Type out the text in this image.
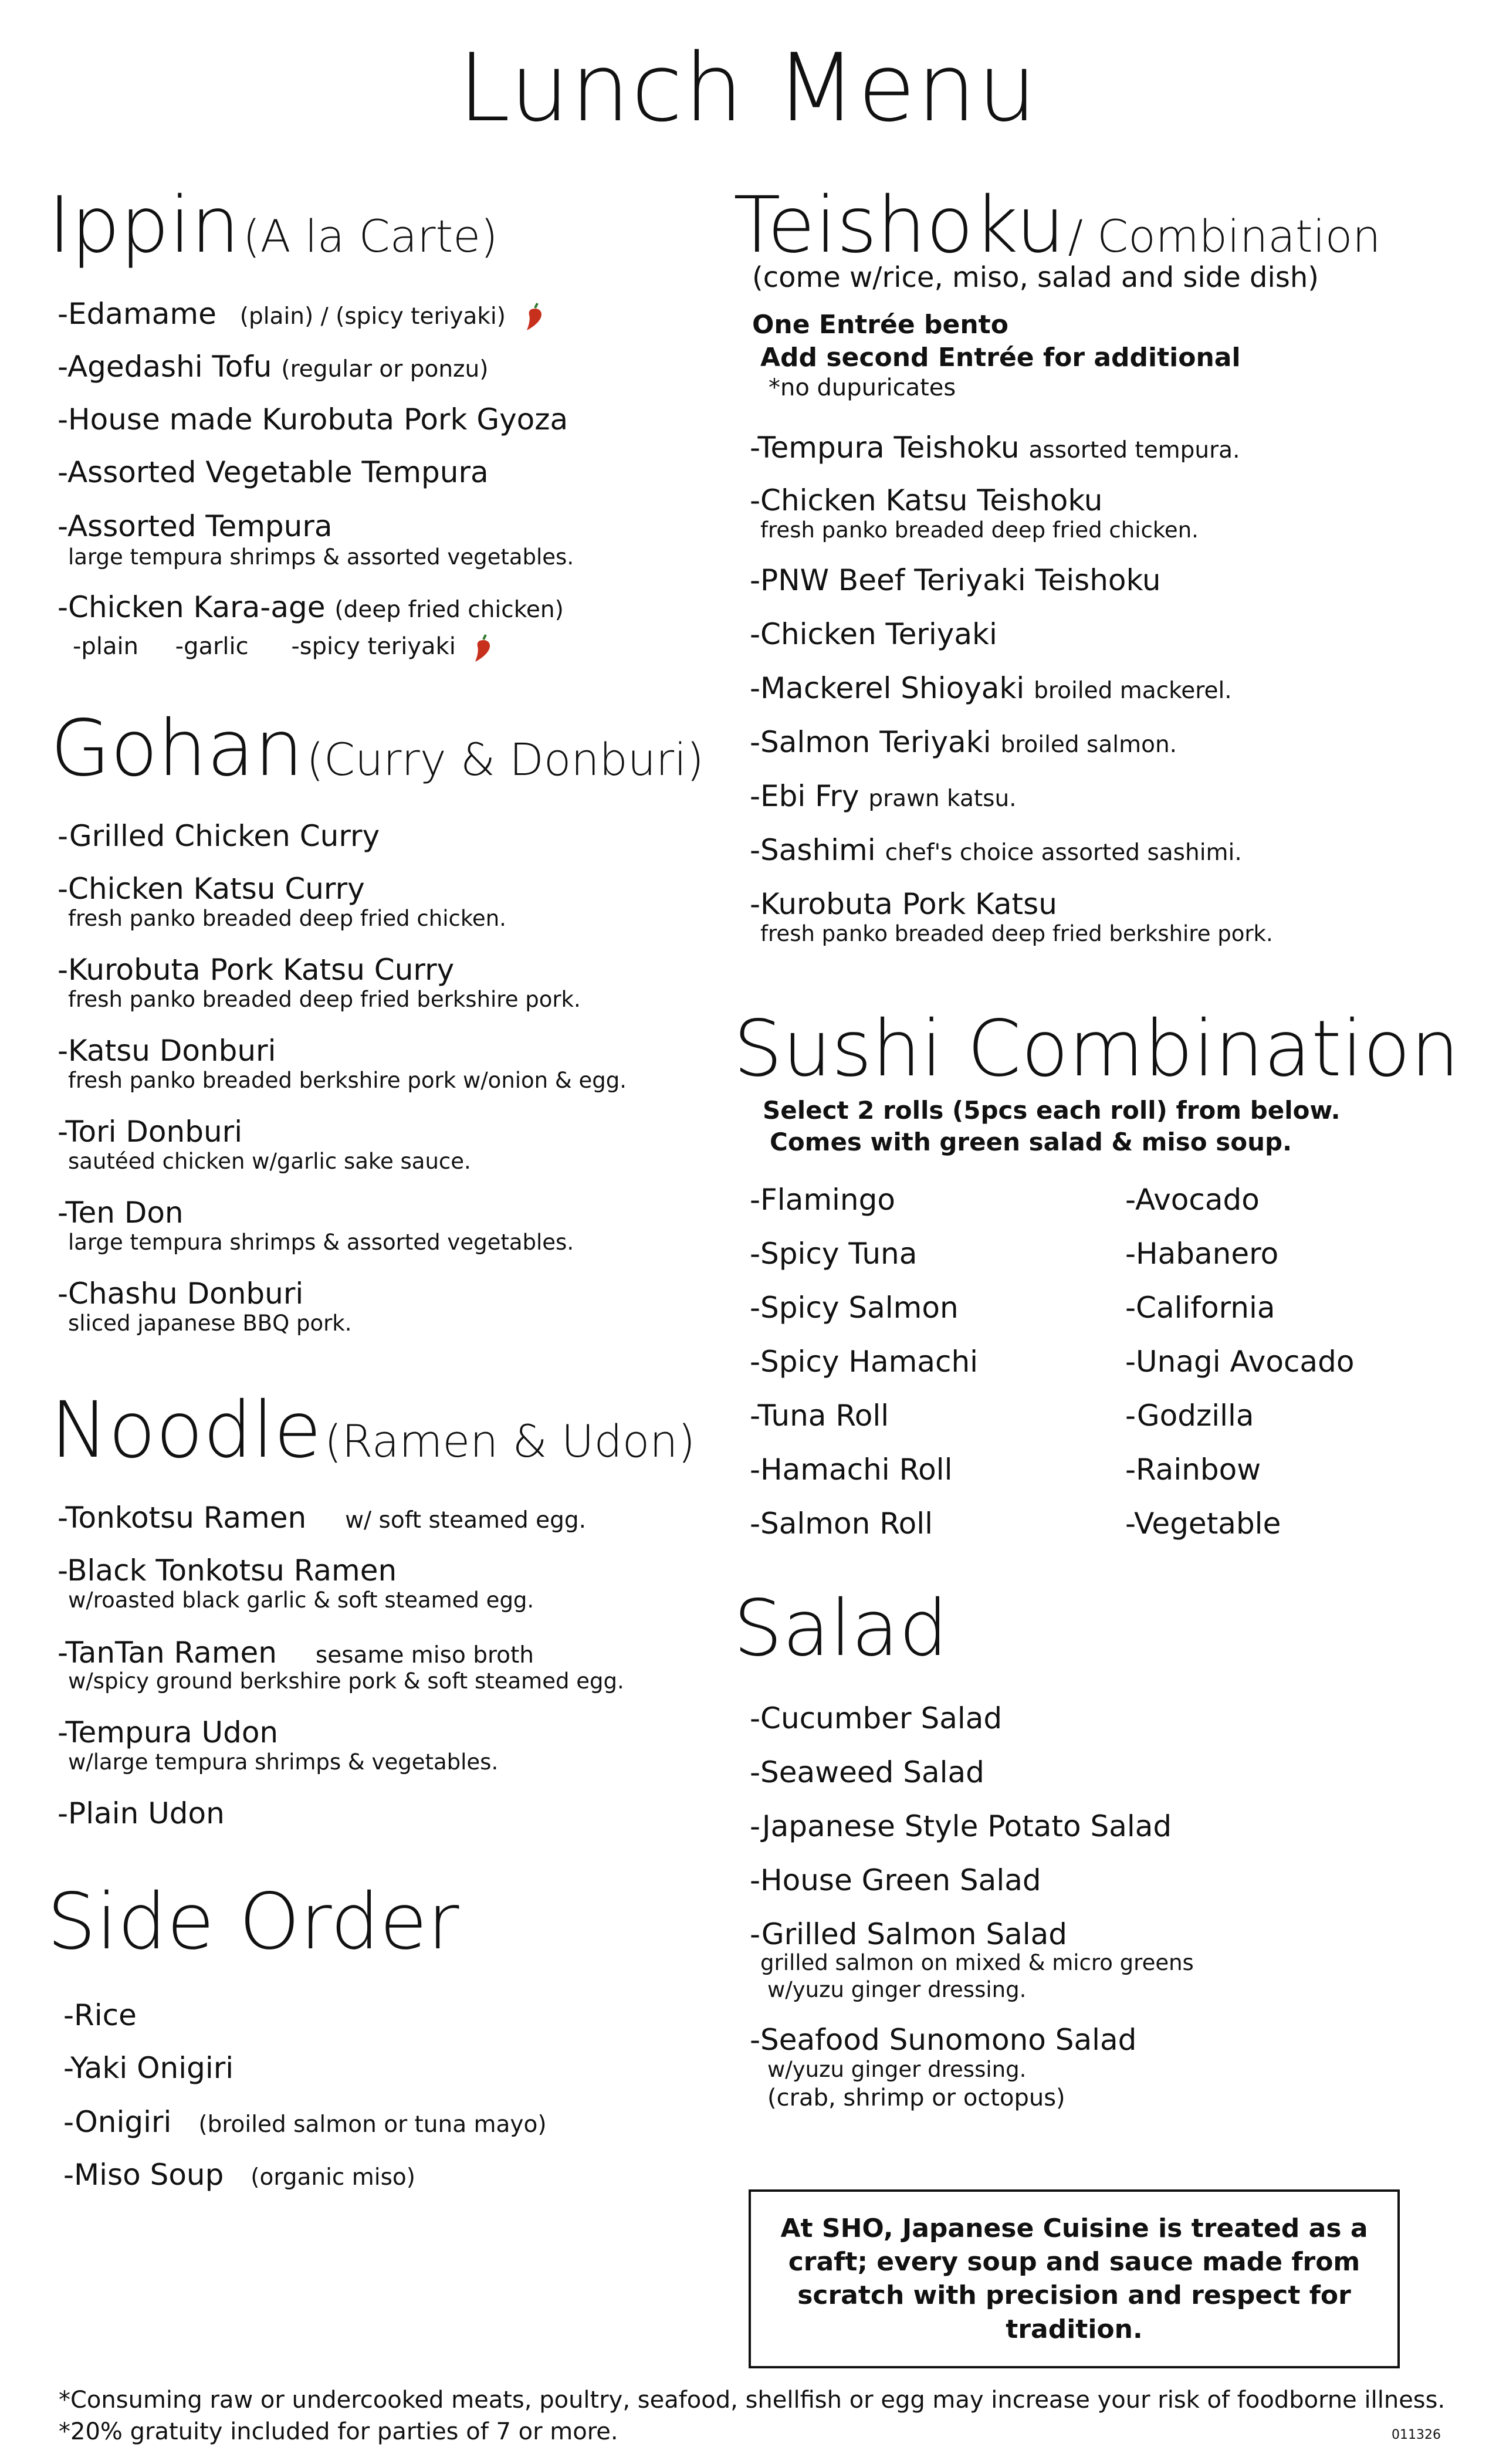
Lunch Menu
Ippin (A la Carte)
-Edamame (plain) / (spicy teriyaki)
-Agedashi Tofu (regular or ponzu)
-House made Kurobuta Pork Gyoza
-Assorted Vegetable Tempura
-Assorted Tempura
large tempura shrimps & assorted vegetables.
-Chicken Kara-age (deep fried chicken)
-plain -garlic -spicy teriyaki
Gohan (Curry & Donburi)
-Grilled Chicken Curry
-Chicken Katsu Curry
fresh panko breaded deep fried chicken.
-Kurobuta Pork Katsu Curry
fresh panko breaded deep fried berkshire pork.
-Katsu Donburi
fresh panko breaded berkshire pork w/onion & egg.
-Tori Donburi
sautéed chicken w/garlic sake sauce.
-Ten Don
large tempura shrimps & assorted vegetables.
-Chashu Donburi
sliced japanese BBQ pork.
Noodle (Ramen & Udon)
-Tonkotsu Ramen w/ soft steamed egg.
-Black Tonkotsu Ramen
w/roasted black garlic & soft steamed egg.
-TanTan Ramen sesame miso broth
w/spicy ground berkshire pork & soft steamed egg.
-Tempura Udon
w/large tempura shrimps & vegetables.
-Plain Udon
Side Order
-Rice
-Yaki Onigiri
-Onigiri (broiled salmon or tuna mayo)
-Miso Soup (organic miso)
Teishoku / Combination
(come w/rice, miso, salad and side dish)
One Entrée bento
Add second Entrée for additional
*no dupuricates
-Tempura Teishoku assorted tempura.
-Chicken Katsu Teishoku
fresh panko breaded deep fried chicken.
-PNW Beef Teriyaki Teishoku
-Chicken Teriyaki
-Mackerel Shioyaki broiled mackerel.
-Salmon Teriyaki broiled salmon.
-Ebi Fry prawn katsu.
-Sashimi chef's choice assorted sashimi.
-Kurobuta Pork Katsu
fresh panko breaded deep fried berkshire pork.
Sushi Combination
Select 2 rolls (5pcs each roll) from below.
Comes with green salad & miso soup.
-Flamingo
-Spicy Tuna
-Spicy Salmon
-Spicy Hamachi
-Tuna Roll
-Hamachi Roll
-Salmon Roll
-Avocado
-Habanero
-California
-Unagi Avocado
-Godzilla
-Rainbow
-Vegetable
Salad
-Cucumber Salad
-Seaweed Salad
-Japanese Style Potato Salad
-House Green Salad
-Grilled Salmon Salad
grilled salmon on mixed & micro greens
w/yuzu ginger dressing.
-Seafood Sunomono Salad
w/yuzu ginger dressing.
(crab, shrimp or octopus)
At SHO, Japanese Cuisine is treated as a craft; every soup and sauce made from scratch with precision and respect for tradition.
*Consuming raw or undercooked meats, poultry, seafood, shellfish or egg may increase your risk of foodborne illness.
*20% gratuity included for parties of 7 or more.	011326
